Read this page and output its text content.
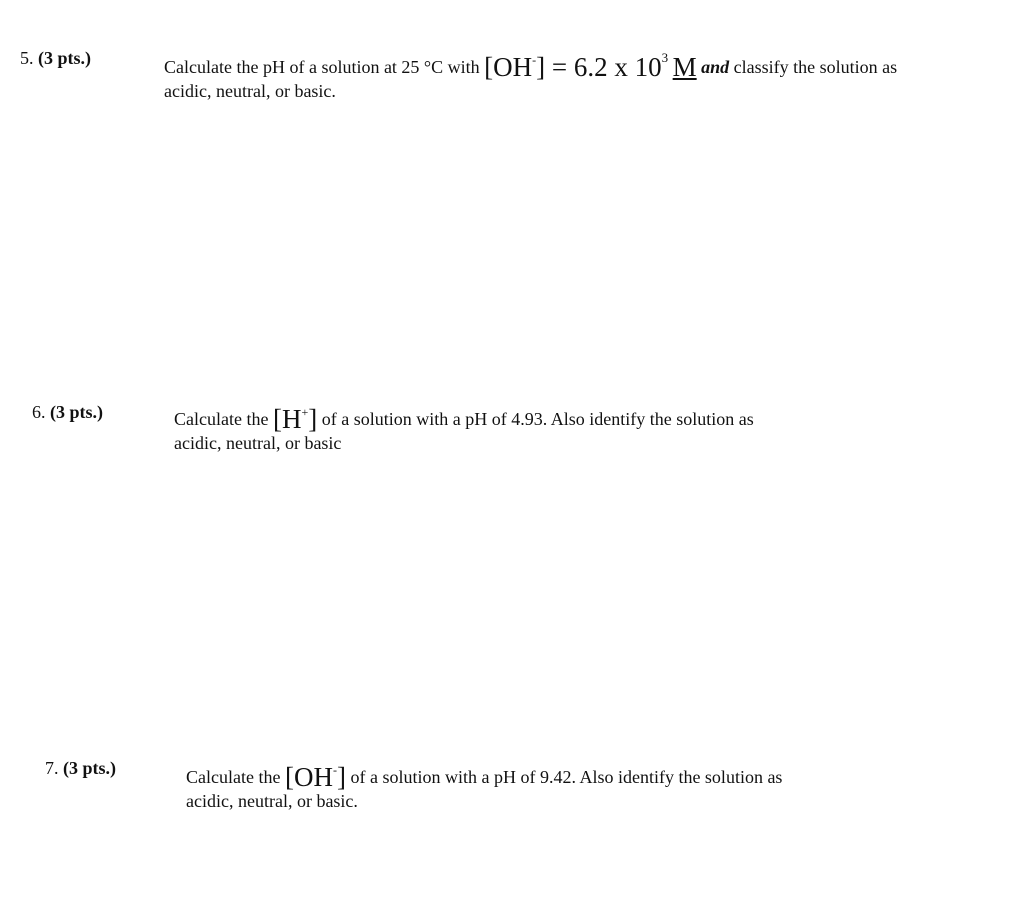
5. (3 pts.)	Calculate the pH of a solution at 25 °C with [OH-] = 6.2 x $10^3$ M and classify the solution as
acidic, neutral, or basic.
6. (3 pts.)	Calculate the [H+] of a solution with a pH of 4.93. Also identify the solution as
acidic, neutral, or basic
7. (3 pts.)	Calculate the [OH-] of a solution with a pH of 9.42. Also identify the solution as
acidic, neutral, or basic.
